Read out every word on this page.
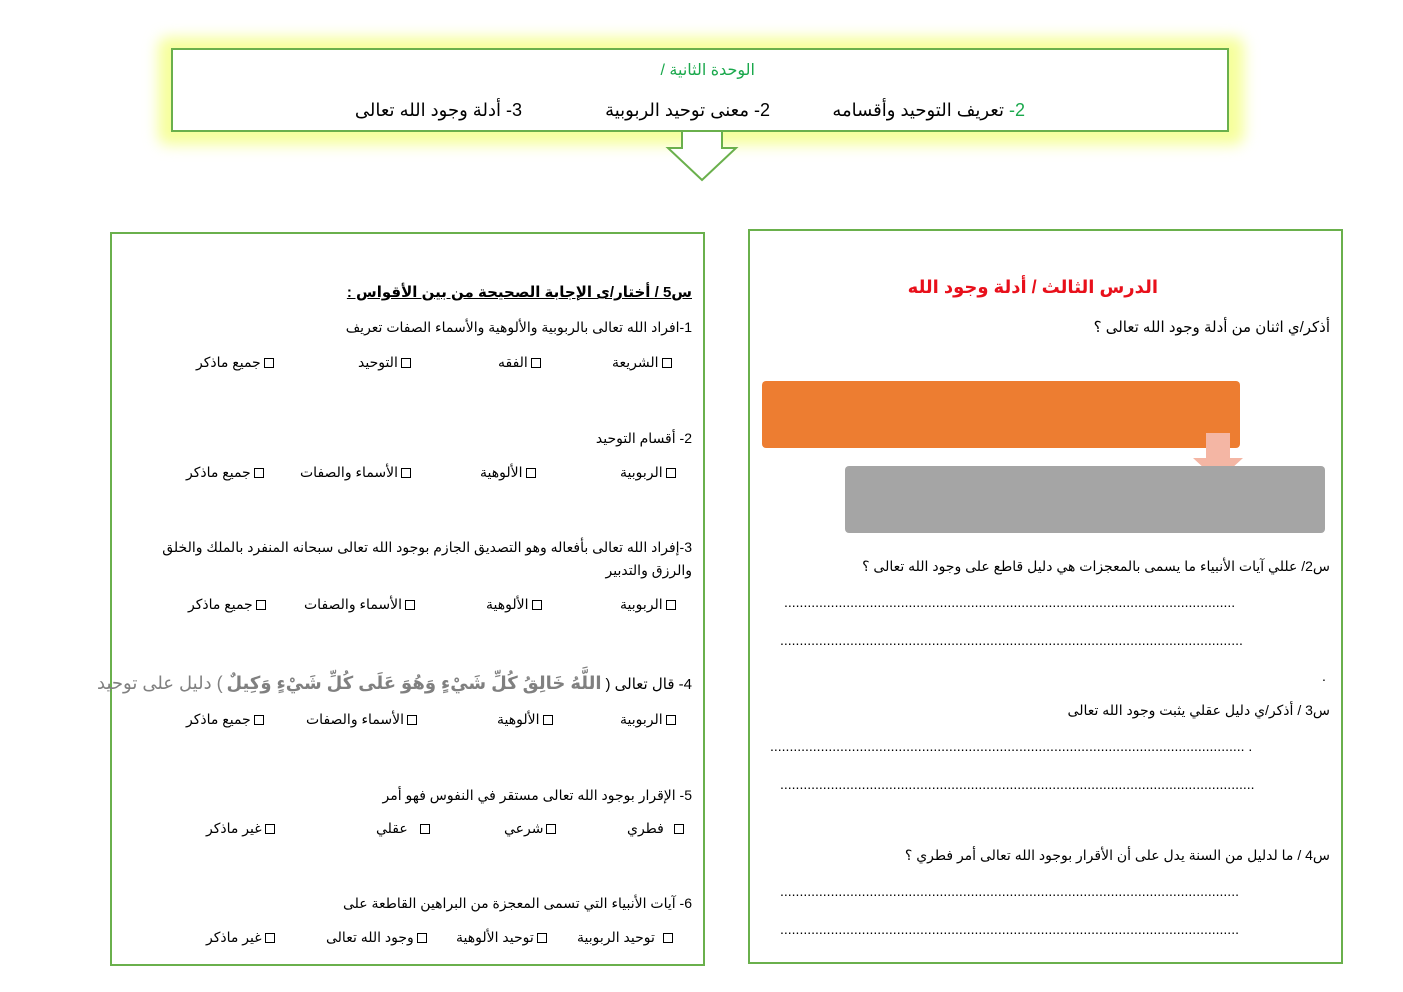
الوحدة الثانية /
2- تعريف التوحيد وأقسامه
2- معنى توحيد الربوبية
3- أدلة وجود الله تعالى
س5 / أختار/ى الإجابة الصحيحة من بين الأقواس :
1-افراد الله تعالى بالربوبية والألوهية والأسماء الصفات تعريف
الشريعة
الفقه
التوحيد
جميع ماذكر
2- أقسام التوحيد
الربوبية
الألوهية
الأسماء والصفات
جميع ماذكر
3-إفراد الله تعالى بأفعاله وهو التصديق الجازم بوجود الله تعالى سبحانه المنفرد بالملك والخلق
والرزق والتدبير
الربوبية
الألوهية
الأسماء والصفات
جميع ماذكر
4- قال تعالى ( اللَّهُ خَالِقُ كُلِّ شَيْءٍ وَهُوَ عَلَى كُلِّ شَيْءٍ وَكِيلٌ ) دليل على توحيد
الربوبية
الألوهية
الأسماء والصفات
جميع ماذكر
5- الإقرار بوجود الله تعالى مستقر في النفوس فهو أمر
فطري
شرعي
عقلي
غير ماذكر
6- آيات الأنبياء التي تسمى المعجزة من البراهين القاطعة على
توحيد الربوبية
توحيد الألوهية
وجود الله تعالى
غير ماذكر
الدرس الثالث / أدلة وجود الله
أذكر/ي اثنان من أدلة وجود الله تعالى ؟
س2/ عللي آيات الأنبياء ما يسمى بالمعجزات هي دليل قاطع على وجود الله تعالى ؟
....................................................................................................................
.......................................................................................................................
.
س3 / أذكر/ي دليل عقلي يثبت وجود الله تعالى
.......................................................................................................................... .
..........................................................................................................................
س4 / ما لدليل من السنة يدل على أن الأقرار بوجود الله تعالى أمر فطري ؟
......................................................................................................................
......................................................................................................................
